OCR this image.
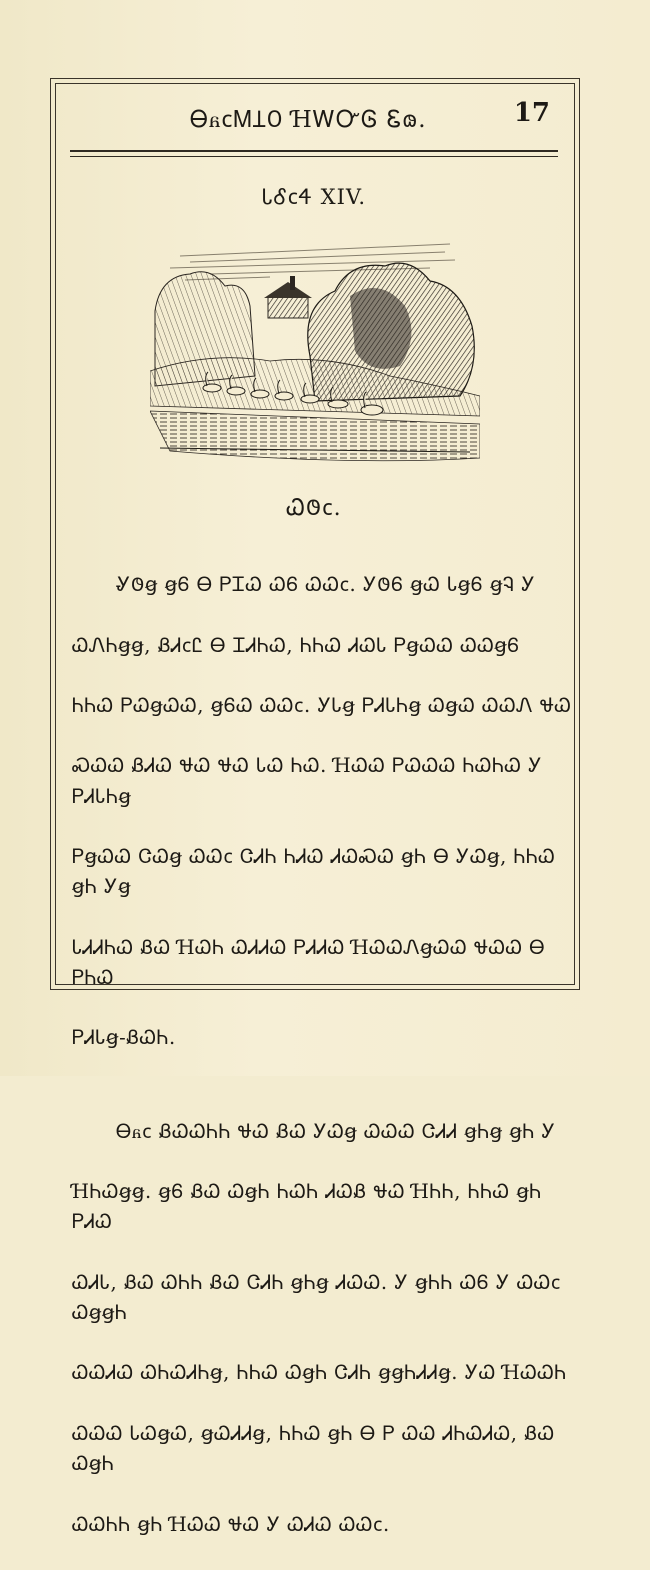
Ꮎᏺ𐐽ᎷꞱ𐐄 ꞪᎳᏅᎶ Ꮛ𐑀.	17
ᏓᎴ𐐽Ꮞ XIV.
Ꮗ𐐃𐐽.

Ꮍ𐐃ꞡ ꞡᏮ Ꮎ ᏢᏆᏇ ᏇᏮ ᏇᏇ𐐽. Ꭹ𐐃Ꮾ ꞡᏇ ᏓꞡᏮ ꞡᎸ Ꭹ

ᏇᏁᏂꞡꞡ, ᏰᏗ𐐽Ꮭ Ꮎ ᏆᏗᏂᏇ, ᏂᏂᏇ ᏗᏇᏓ ᏢꞡᏇᏇ ᏇᏇꞡᏮ

ᏂᏂᏇ ᏢᏇꞡᏇᏇ, ꞡᏮᏇ ᏇᏇ𐐽. ᎩᏓꞡ ᏢᏗᏓᏂꞡ ᏇꞡᏇ ᏇᏇᏁ ᏠᏇ

ᏍᏇᏇ ᏰᏗᏇ ᏠᏇ ᏠᏇ ᏓᏇ ᏂᏇ. ꞪᏇᏇ ᏢᏇᏇᏇ ᏂᏇᏂᏇ Ꭹ ᏢᏗᏓᏂꞡ

ᏢꞡᏇᏇ ᏣᏇꞡ ᏇᏇ𐐽 ᏣᏗᏂ ᏂᏗᏇ ᏗᏇᏍᏇ ꞡᏂ Ꮎ ᎩᏇꞡ, ᏂᏂᏇ ꞡᏂ Ꭹꞡ

ᏓᏗᏗᏂᏇ ᏰᏇ ꞪᏇᏂ ᏇᏗᏗᏇ ᏢᏗᏗᏇ ꞪᏇᏇᏁꞡᏇᏇ ᏠᏇᏇ Ꮎ ᏢᏂᏇ

ᏢᏗᏓꞡ-ᏰᏇᏂ.

Ꮎᏺ𐐽 ᏰᏇᏇᏂᏂ ᏠᏇ ᏰᏇ ᎩᏇꞡ ᏇᏇᏇ ᏣᏗᏗ ꞡᏂꞡ ꞡᏂ Ꭹ

ꞪᏂᏇꞡꞡ. ꞡᏮ ᏰᏇ ᏇꞡᏂ ᏂᏇᏂ ᏗᏇᏰ ᏠᏇ ꞪᏂᏂ, ᏂᏂᏇ ꞡᏂ ᏢᏗᏇ

ᏇᏗᏓ, ᏰᏇ ᏇᏂᏂ ᏰᏇ ᏣᏗᏂ ꞡᏂꞡ ᏗᏇᏇ. Ꭹ ꞡᏂᏂ ᏇᏮ Ꭹ ᏇᏇ𐐽 ᏇꞡꞡᏂ

ᏇᏇᏗᏇ ᏇᏂᏇᏗᏂꞡ, ᏂᏂᏇ ᏇꞡᏂ ᏣᏗᏂ ꞡꞡᏂᏗᏗꞡ. ᎩᏇ ꞪᏇᏇᏂ

ᏇᏇᏇ ᏓᏇꞡᏇ, ꞡᏇᏗᏗꞡ, ᏂᏂᏇ ꞡᏂ Ꮎ Ꮲ ᏇᏇ ᏗᏂᏇᏗᏇ, ᏰᏇ ᏇꞡᏂ

ᏇᏇᏂᏂ ꞡᏂ ꞪᏇᏇ ᏠᏇ Ꭹ ᏇᏗᏇ ᏇᏇ𐐽.
